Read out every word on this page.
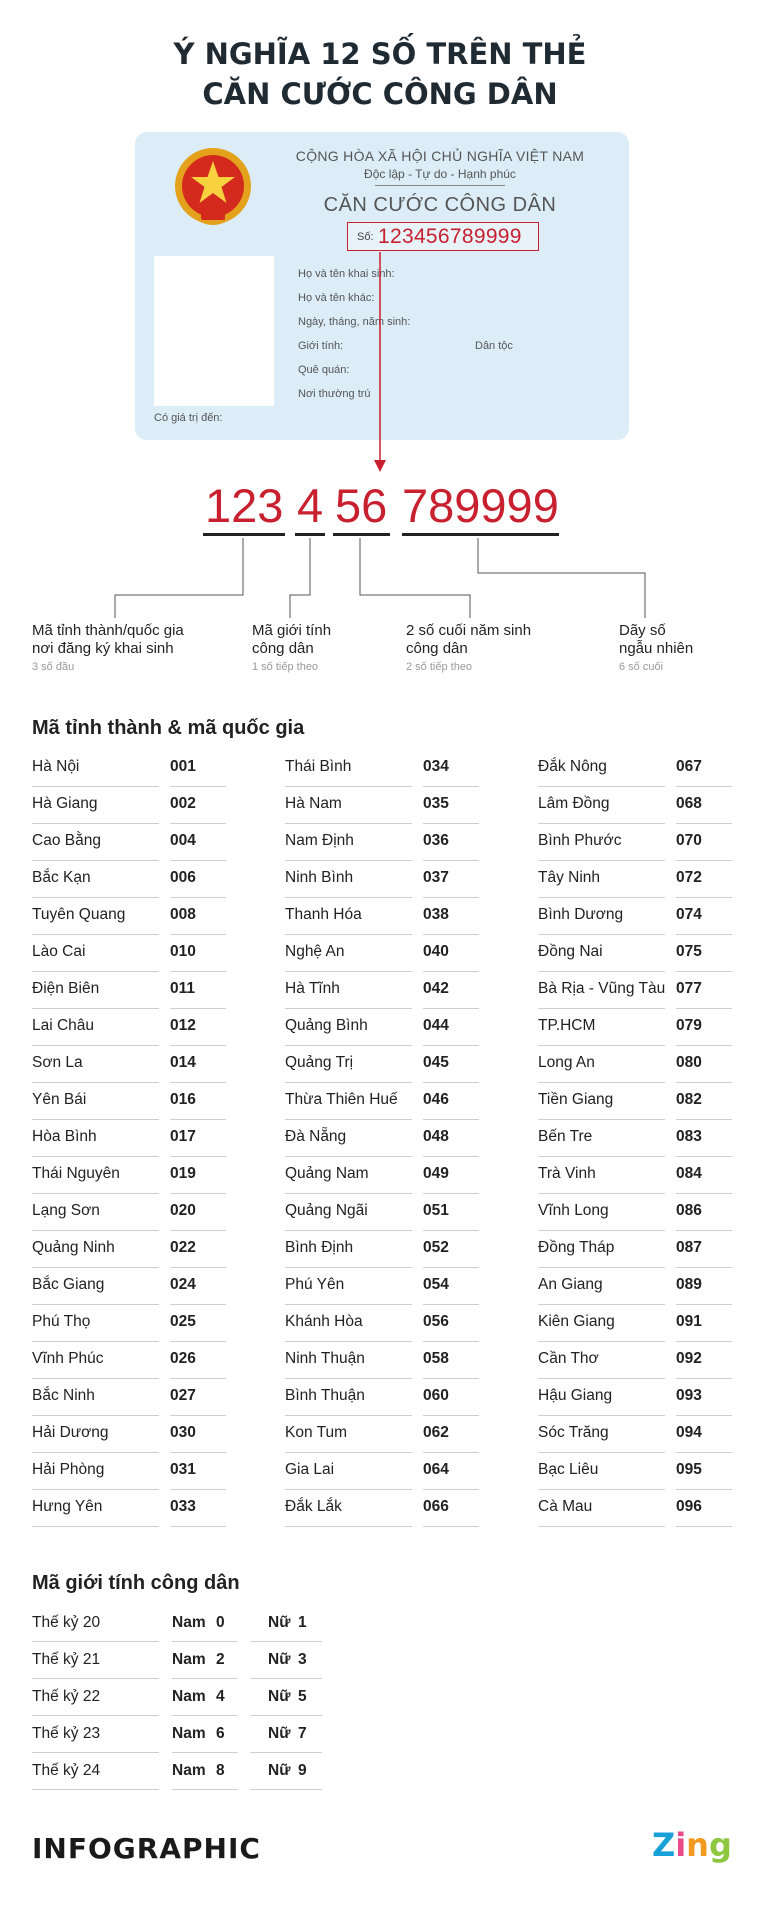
Ý NGHĨA 12 SỐ TRÊN THẺ
CĂN CƯỚC CÔNG DÂN
CỘNG HÒA XÃ HỘI CHỦ NGHĨA VIỆT NAM
Độc lập - Tự do - Hạnh phúc
CĂN CƯỚC CÔNG DÂN
Số: 123456789999
Họ và tên khai sinh:
Họ và tên khác:
Ngày, tháng, năm sinh:
Giới tính:	Dân tộc
Quê quán:
Nơi thường trú
Có giá trị đến:
123 4 56 789999
Mã tỉnh thành/quốc gia
nơi đăng ký khai sinh
3 số đầu
Mã giới tính
công dân
1 số tiếp theo
2 số cuối năm sinh
công dân
2 số tiếp theo
Dãy số
ngẫu nhiên
6 số cuối
Mã tỉnh thành & mã quốc gia
Hà Nội	001
Hà Giang	002
Cao Bằng	004
Bắc Kạn	006
Tuyên Quang	008
Lào Cai	010
Điện Biên	011
Lai Châu	012
Sơn La	014
Yên Bái	016
Hòa Bình	017
Thái Nguyên	019
Lạng Sơn	020
Quảng Ninh	022
Bắc Giang	024
Phú Thọ	025
Vĩnh Phúc	026
Bắc Ninh	027
Hải Dương	030
Hải Phòng	031
Hưng Yên	033
Thái Bình	034
Hà Nam	035
Nam Định	036
Ninh Bình	037
Thanh Hóa	038
Nghệ An	040
Hà Tĩnh	042
Quảng Bình	044
Quảng Trị	045
Thừa Thiên Huế 046
Đà Nẵng	048
Quảng Nam	049
Quảng Ngãi	051
Bình Định	052
Phú Yên	054
Khánh Hòa	056
Ninh Thuận	058
Bình Thuận	060
Kon Tum	062
Gia Lai	064
Đắk Lắk	066
Đắk Nông	067
Lâm Đồng	068
Bình Phước	070
Tây Ninh	072
Bình Dương	074
Đồng Nai	075
Bà Rịa - Vũng Tàu 077
TP.HCM	079
Long An	080
Tiền Giang	082
Bến Tre	083
Trà Vinh	084
Vĩnh Long	086
Đồng Tháp	087
An Giang	089
Kiên Giang	091
Cần Thơ	092
Hậu Giang	093
Sóc Trăng	094
Bạc Liêu	095
Cà Mau	096
Mã giới tính công dân
Thế kỷ 20	Nam 0	Nữ 1
Thế kỷ 21	Nam 2	Nữ 3
Thế kỷ 22	Nam 4	Nữ 5
Thế kỷ 23	Nam 6	Nữ 7
Thế kỷ 24	Nam 8	Nữ 9
INFOGRAPHIC	Zing
